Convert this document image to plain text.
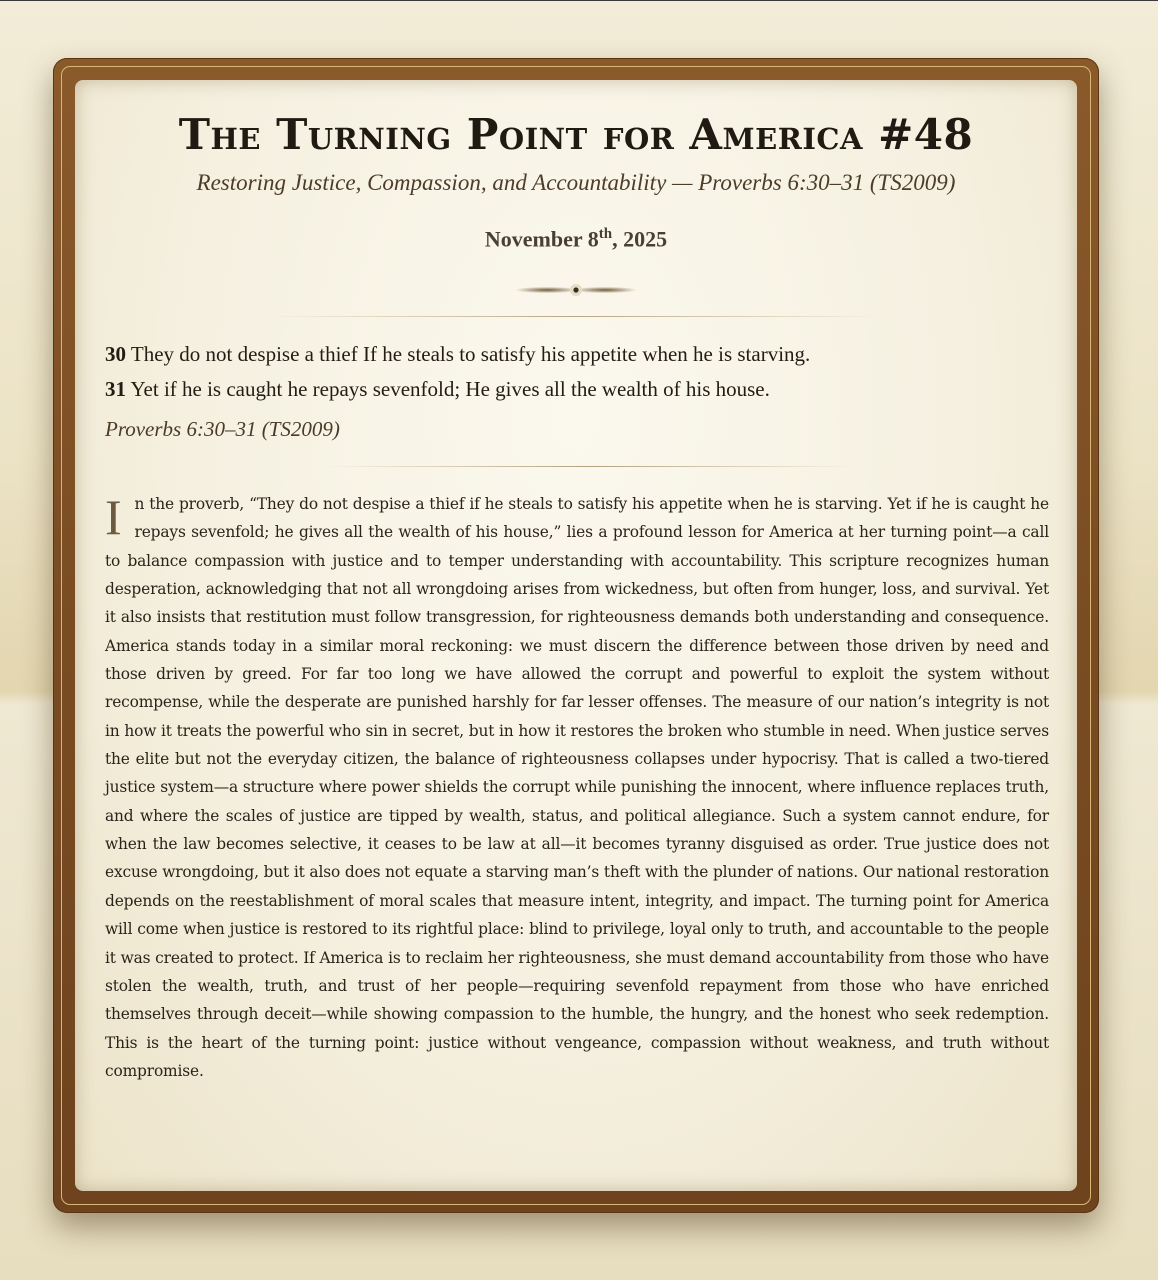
The Turning Point for America #48

Restoring Justice, Compassion, and Accountability — Proverbs 6:30–31 (TS2009)

November 8th, 2025

30 They do not despise a thief If he steals to satisfy his appetite when he is starving.

31 Yet if he is caught he repays sevenfold; He gives all the wealth of his house.

Proverbs 6:30–31 (TS2009)

In the proverb, “They do not despise a thief if he steals to satisfy his appetite when he is starving. Yet if he is caught he repays sevenfold; he gives all the wealth of his house,” lies a profound lesson for America at her turning point—a call to balance compassion with justice and to temper understanding with accountability. This scripture recognizes human desperation, acknowledging that not all wrongdoing arises from wickedness, but often from hunger, loss, and survival. Yet it also insists that restitution must follow transgression, for righteousness demands both understanding and consequence. America stands today in a similar moral reckoning: we must discern the difference between those driven by need and those driven by greed. For far too long we have allowed the corrupt and powerful to exploit the system without recompense, while the desperate are punished harshly for far lesser offenses. The measure of our nation’s integrity is not in how it treats the powerful who sin in secret, but in how it restores the broken who stumble in need. When justice serves the elite but not the everyday citizen, the balance of righteousness collapses under hypocrisy. That is called a two-tiered justice system—a structure where power shields the corrupt while punishing the innocent, where influence replaces truth, and where the scales of justice are tipped by wealth, status, and political allegiance. Such a system cannot endure, for when the law becomes selective, it ceases to be law at all—it becomes tyranny disguised as order. True justice does not excuse wrongdoing, but it also does not equate a starving man’s theft with the plunder of nations. Our national restoration depends on the reestablishment of moral scales that measure intent, integrity, and impact. The turning point for America will come when justice is restored to its rightful place: blind to privilege, loyal only to truth, and accountable to the people it was created to protect. If America is to reclaim her righteousness, she must demand accountability from those who have stolen the wealth, truth, and trust of her people—requiring sevenfold repayment from those who have enriched themselves through deceit—while showing compassion to the humble, the hungry, and the honest who seek redemption. This is the heart of the turning point: justice without vengeance, compassion without weakness, and truth without compromise.
